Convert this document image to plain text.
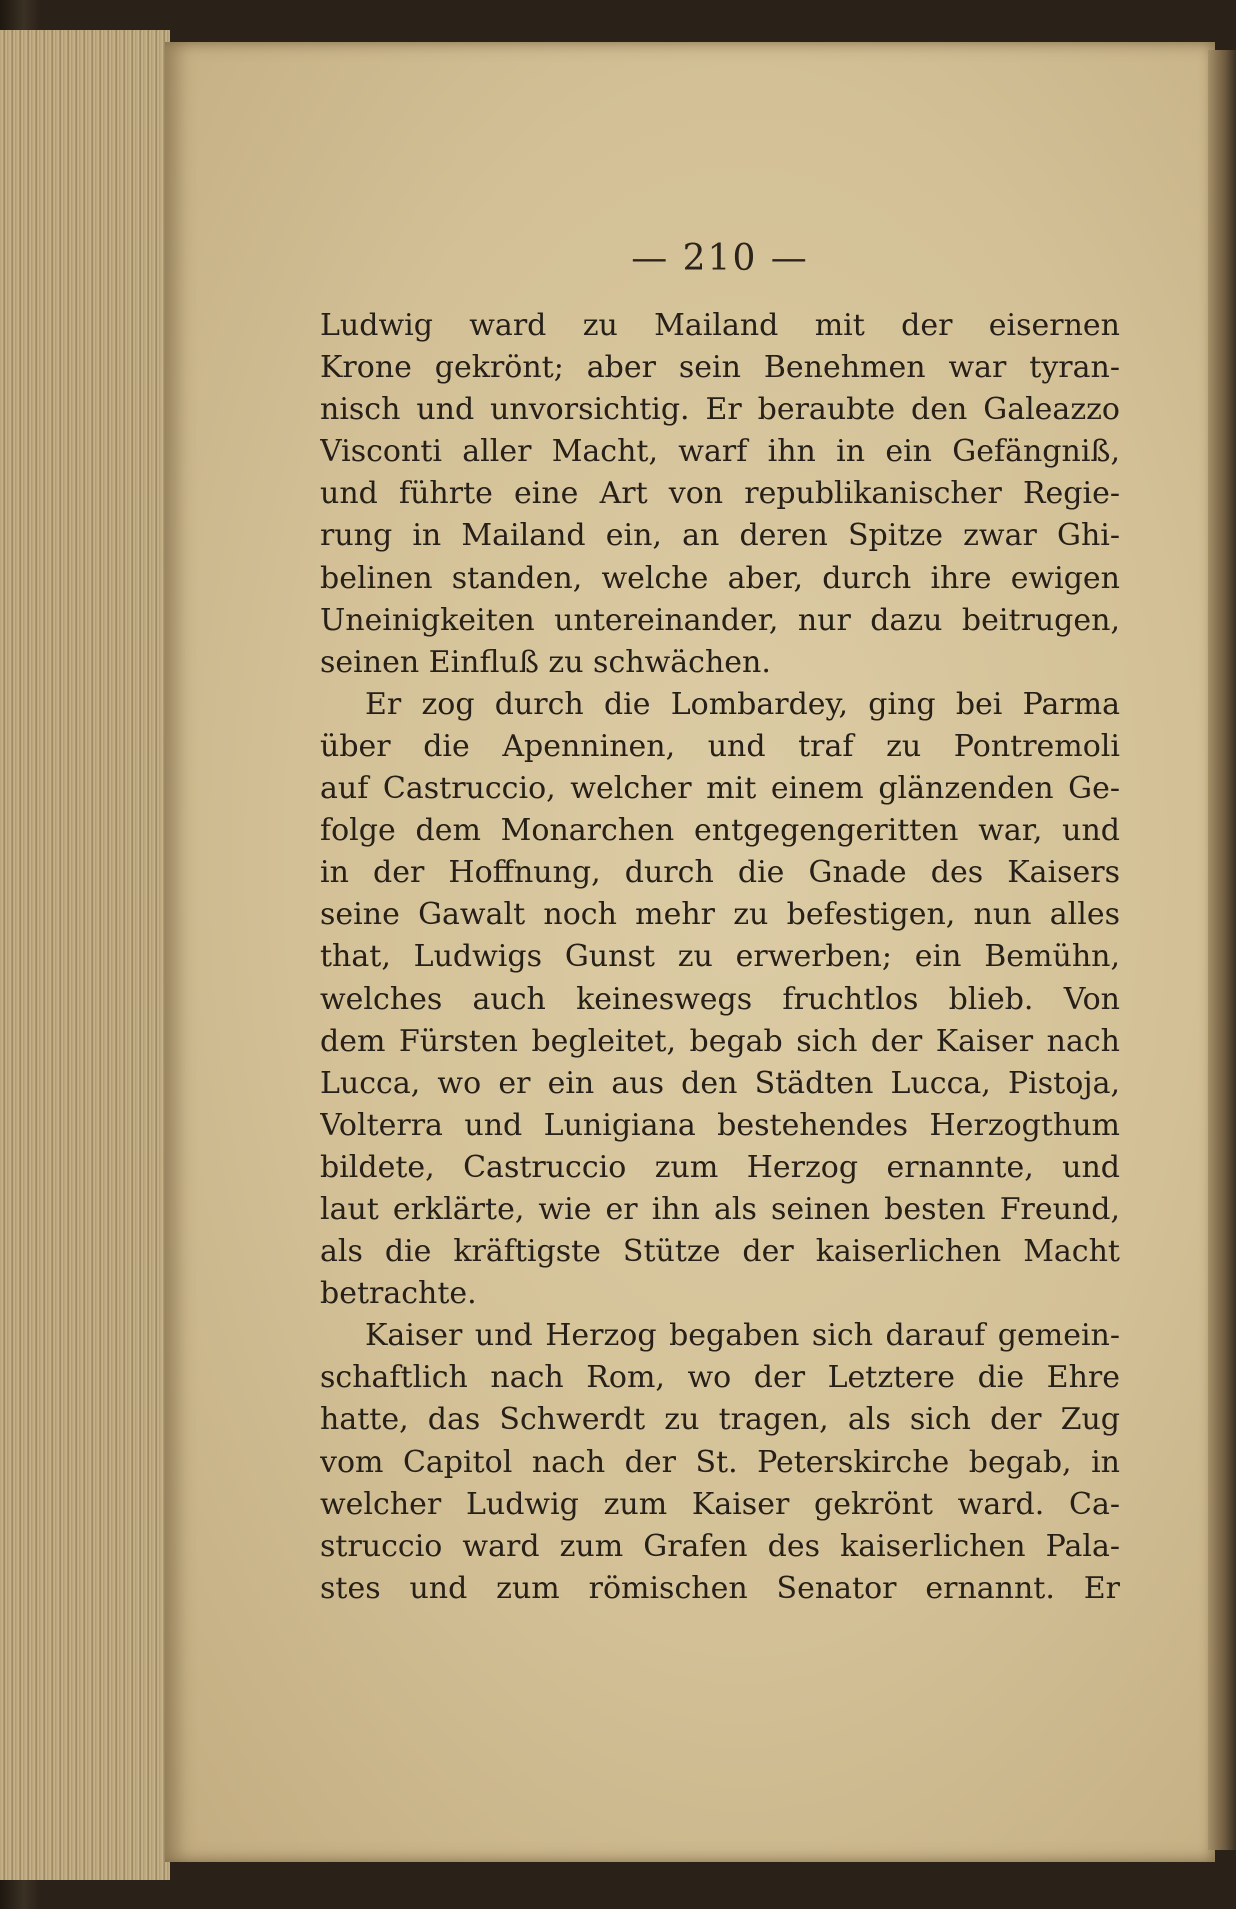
— 210 —
Ludwig ward zu Mailand mit der eisernen
Krone gekrönt; aber sein Benehmen war tyran-
nisch und unvorsichtig. Er beraubte den Galeazzo
Visconti aller Macht, warf ihn in ein Gefängniß,
und führte eine Art von republikanischer Regie-
rung in Mailand ein, an deren Spitze zwar Ghi-
belinen standen, welche aber, durch ihre ewigen
Uneinigkeiten untereinander, nur dazu beitrugen,
seinen Einfluß zu schwächen.
Er zog durch die Lombardey, ging bei Parma
über die Apenninen, und traf zu Pontremoli
auf Castruccio, welcher mit einem glänzenden Ge-
folge dem Monarchen entgegengeritten war, und
in der Hoffnung, durch die Gnade des Kaisers
seine Gawalt noch mehr zu befestigen, nun alles
that, Ludwigs Gunst zu erwerben; ein Bemühn,
welches auch keineswegs fruchtlos blieb. Von
dem Fürsten begleitet, begab sich der Kaiser nach
Lucca, wo er ein aus den Städten Lucca, Pistoja,
Volterra und Lunigiana bestehendes Herzogthum
bildete, Castruccio zum Herzog ernannte, und
laut erklärte, wie er ihn als seinen besten Freund,
als die kräftigste Stütze der kaiserlichen Macht
betrachte.
Kaiser und Herzog begaben sich darauf gemein-
schaftlich nach Rom, wo der Letztere die Ehre
hatte, das Schwerdt zu tragen, als sich der Zug
vom Capitol nach der St. Peterskirche begab, in
welcher Ludwig zum Kaiser gekrönt ward. Ca-
struccio ward zum Grafen des kaiserlichen Pala-
stes und zum römischen Senator ernannt. Er
